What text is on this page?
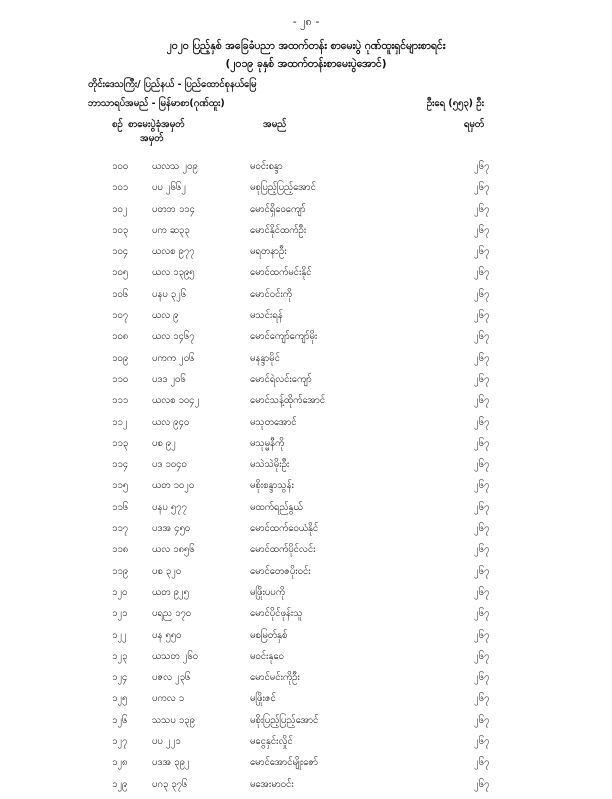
- ၂၈ -
၂၀၂၀ ပြည့်နှစ် အခြေခံပညာ အထက်တန်း စာမေးပွဲ ဂုဏ်ထူးရှင်များစာရင်း
(၂၀၁၉ ခုနှစ် အထက်တန်းစာမေးပွဲအောင်)
တိုင်းဒေသကြီး/ ပြည်နယ် - ပြည်ထောင်စုနယ်မြေ
ဘာသာရပ်အမည် - မြန်မာစာ(ဂုဏ်ထူး)	ဦးရေ (၅၅၃) ဦး
စဉ် စာမေးပွဲခုံအမှတ်
အမှတ်
အမည်	ရမှတ်
၁၀၀	ယလသ ၂၀၉	မဝင်းစန္ဒာ	၂၆၇
၁၀၁	ပပ ၂၆၆၂	မစုပြည့်ပြည့်အောင်	၂၆၇
၁၀၂	ပတဘ ၁၁၄	မောင်ရှိဝေကျော်	၂၆၇
၁၀၃	ပက ဆ၃၃	မောင်နိုင်ထက်ဦး	၂၆၇
၁၀၄	ယလစ ၉၇၇	မရတနာဦး	၂၆၇
၁၀၅	ယလ ၁၃၉၅	မောင်ထက်မင်းနိုင်	၂၆၇
၁၀၆	ပနပ ၃၂၆	မောင်ဝင်းကို	၂၆၇
၁၀၇	ယလ ၉	မသင်းရန်	၂၆၇
၁၀၈	ယလ ၁၄၆၇	မောင်ကျော်ကျော်မိုး	၂၆၇
၁၀၉	ပကက ၂၀၆	မနန္ဒာမိုင်	၂၆၇
၁၁၀	ပဒဒ ၂၀၆	မောင်ရဲလင်းကျော်	၂၆၇
၁၁၁	ယလစ ၁၀၄၂	မောင်သန့်ထိုက်အောင်	၂၆၇
၁၁၂	ယလ ၉၄၀	မသုတအောင်	၂၆၇
၁၁၃	ပစ ၉၂	မသုမ္မနီကို	၂၆၇
၁၁၄	ပဒ ၁၀၄၀	မသဲသဲမိုးဦး	၂၆၇
၁၁၅	ယတ ၁၀၂၀	မစိုးစန္ဒာသွန်း	၂၆၇
၁၁၆	ပနပ ၅၇၇	မထက်ရည်နွယ်	၂၆၇
၁၁၇	ပဒအ ၄၅၀	မောင်ထက်ဝေယံနိုင်	၂၆၇
၁၁၈	ယလ ၁၈၅၆	မောင်ထက်ပိုင်လင်း	၂၆၇
၁၁၉	ပစ ၃၂၀	မောင်တေဇပိုးဝင်း	၂၆၇
၁၂၀	ယတ ၉၂၅	မဖြိုးပပကို	၂၆၇
၁၂၁	ပရည ၁၇၀	မောင်ပိုင်ဖုန်းသူ	၂၆၇
၁၂၂	ပန ၅၅၀	မစမြတ်နှစ်	၂၆၇
၁၂၃	ယသတ ၂၆၀	မဝင်းနုဝေ	၂၆၇
၁၂၄	ပဇလ ၂၃၆	မောင်မင်းကိုဦး	၂၆၇
၁၂၅	ပကလ ၁	မဖြိုးဇင်	၂၆၇
၁၂၆	သသပ ၁၃၉	မစိုးပြည့်ပြည့်အောင်	၂၆၇
၁၂၇	ပပ ၂၂၁	မငွေနှင်းလှိုင်	၂၆၇
၁၂၈	ပဒအ ၃၉၂	မောင်အောင်မျိုးဇော်	၂၆၇
၁၂၉	ပဂ၃ ၃၇၆	မအေးမာဝင်း	၂၆၇
